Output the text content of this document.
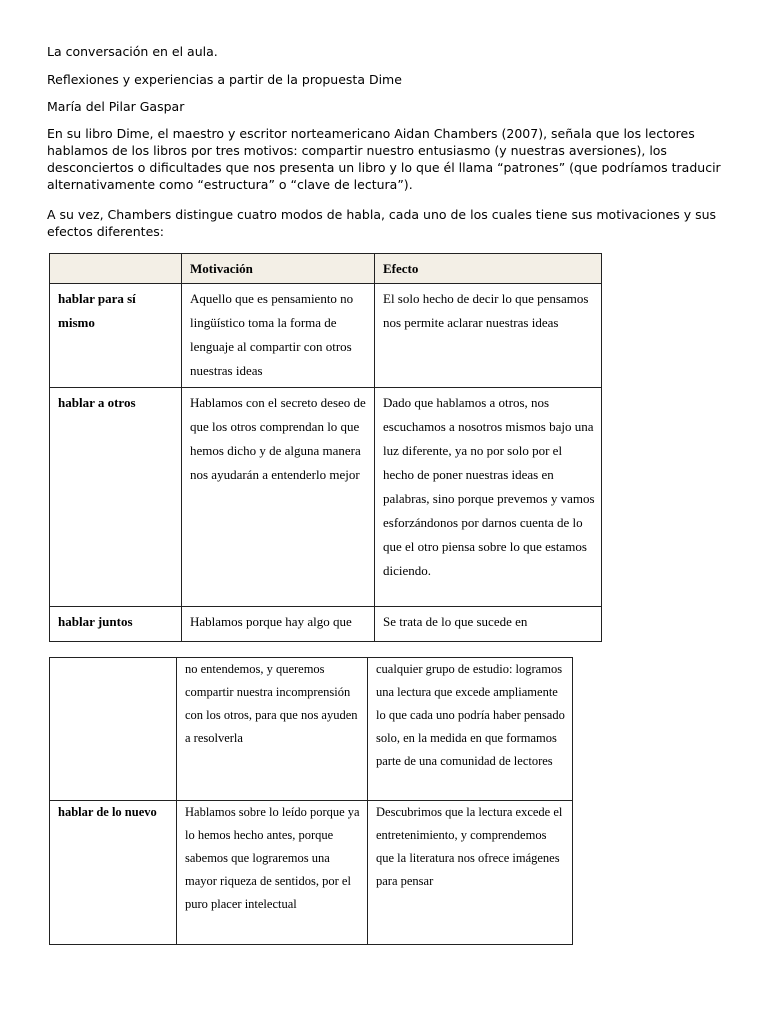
La conversación en el aula.

Reflexiones y experiencias a partir de la propuesta Dime

María del Pilar Gaspar

En su libro Dime, el maestro y escritor norteamericano Aidan Chambers (2007), señala que los lectores hablamos de los libros por tres motivos: compartir nuestro entusiasmo (y nuestras aversiones), los desconciertos o dificultades que nos presenta un libro y lo que él llama “patrones” (que podríamos traducir alternativamente como “estructura” o “clave de lectura”).

A su vez, Chambers distingue cuatro modos de habla, cada uno de los cuales tiene sus motivaciones y sus efectos diferentes:

	Motivación	Efecto
hablar para sí mismo	Aquello que es pensamiento no lingüístico toma la forma de lenguaje al compartir con otros nuestras ideas	El solo hecho de decir lo que pensamos nos permite aclarar nuestras ideas
hablar a otros	Hablamos con el secreto deseo de que los otros comprendan lo que hemos dicho y de alguna manera nos ayudarán a entenderlo mejor	Dado que hablamos a otros, nos escuchamos a nosotros mismos bajo una luz diferente, ya no por solo por el hecho de poner nuestras ideas en palabras, sino porque prevemos y vamos esforzándonos por darnos cuenta de lo que el otro piensa sobre lo que estamos diciendo.
hablar juntos	Hablamos porque hay algo que	Se trata de lo que sucede en
	no entendemos, y queremos compartir nuestra incomprensión con los otros, para que nos ayuden a resolverla	cualquier grupo de estudio: logramos una lectura que excede ampliamente lo que cada uno podría haber pensado solo, en la medida en que formamos parte de una comunidad de lectores
hablar de lo nuevo	Hablamos sobre lo leído porque ya lo hemos hecho antes, porque sabemos que lograremos una mayor riqueza de sentidos, por el puro placer intelectual	Descubrimos que la lectura excede el entretenimiento, y comprendemos que la literatura nos ofrece imágenes para pensar
